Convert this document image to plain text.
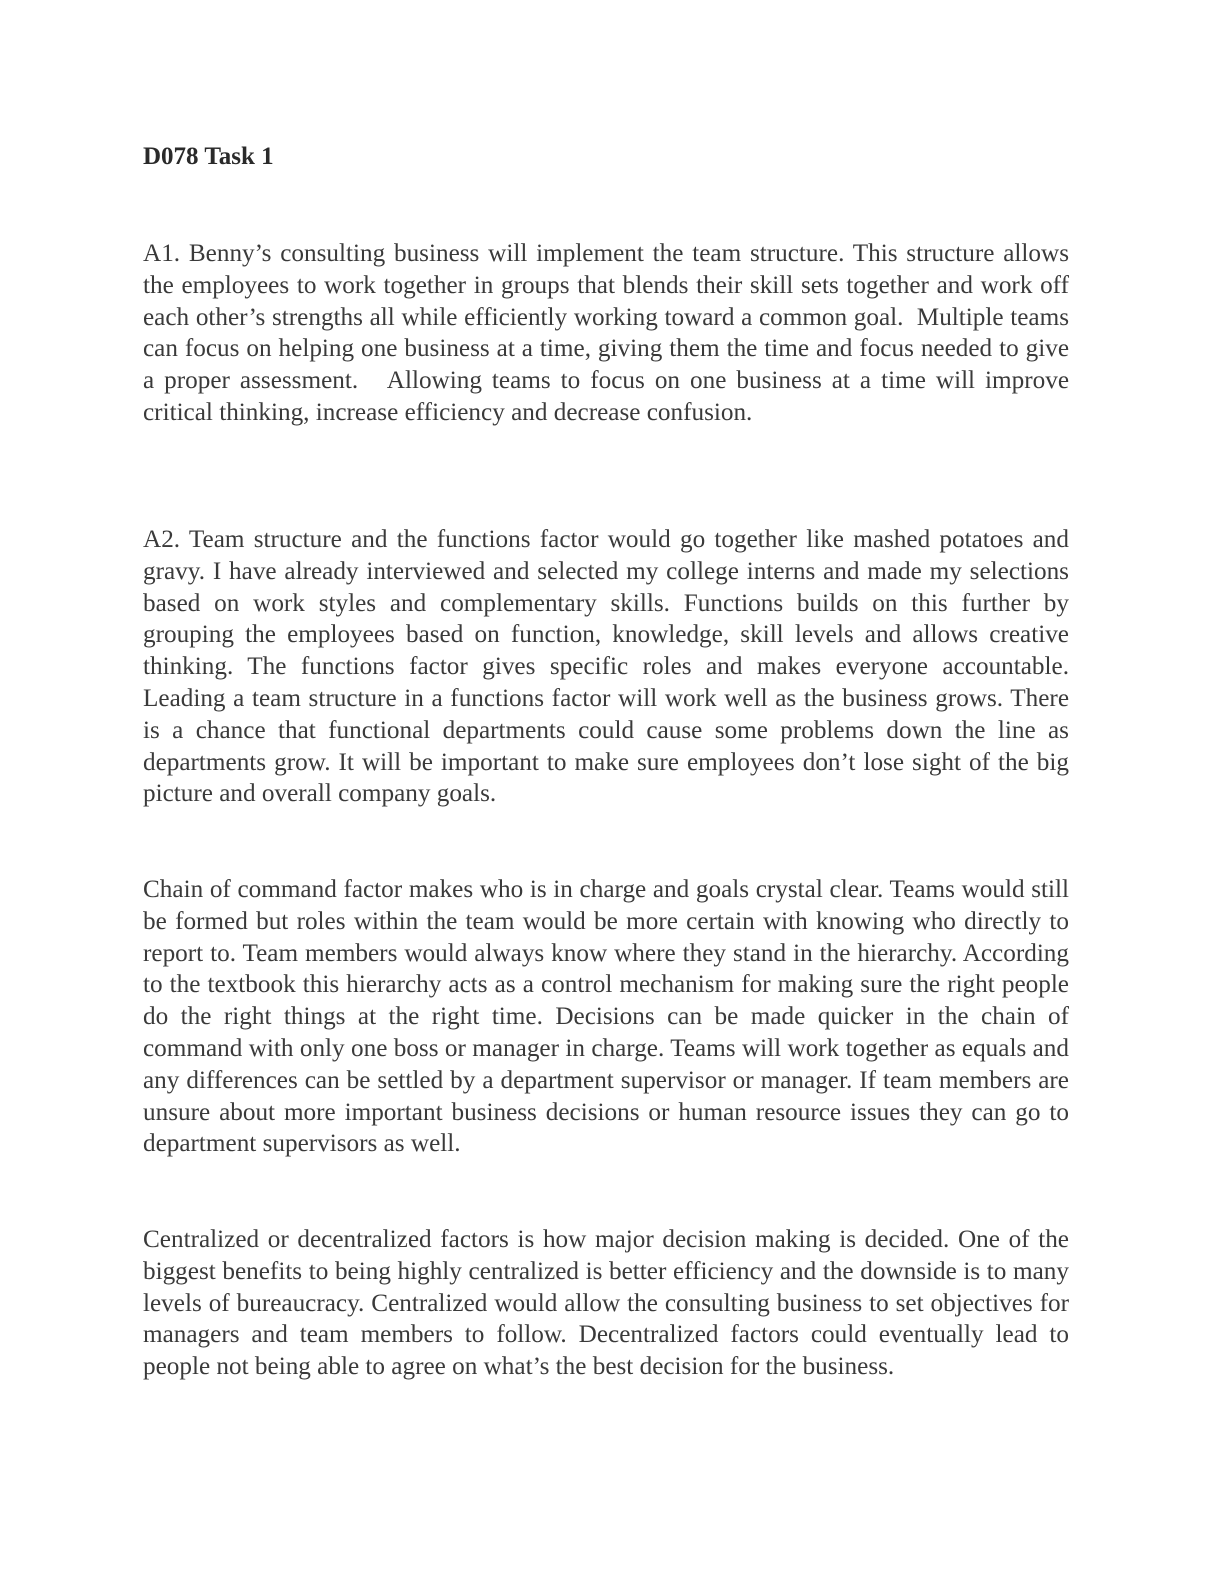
D078 Task 1

A1. Benny’s consulting business will implement the team structure. This structure allows the employees to work together in groups that blends their skill sets together and work off each other’s strengths all while efficiently working toward a common goal.  Multiple teams can focus on helping one business at a time, giving them the time and focus needed to give a proper assessment.   Allowing teams to focus on one business at a time will improve critical thinking, increase efficiency and decrease confusion.

A2. Team structure and the functions factor would go together like mashed potatoes and gravy. I have already interviewed and selected my college interns and made my selections based on work styles and complementary skills. Functions builds on this further by grouping the employees based on function, knowledge, skill levels and allows creative thinking. The functions factor gives specific roles and makes everyone accountable. Leading a team structure in a functions factor will work well as the business grows. There is a chance that functional departments could cause some problems down the line as departments grow. It will be important to make sure employees don’t lose sight of the big picture and overall company goals.

Chain of command factor makes who is in charge and goals crystal clear. Teams would still be formed but roles within the team would be more certain with knowing who directly to report to. Team members would always know where they stand in the hierarchy. According to the textbook this hierarchy acts as a control mechanism for making sure the right people do the right things at the right time. Decisions can be made quicker in the chain of command with only one boss or manager in charge. Teams will work together as equals and any differences can be settled by a department supervisor or manager. If team members are unsure about more important business decisions or human resource issues they can go to department supervisors as well.

Centralized or decentralized factors is how major decision making is decided. One of the biggest benefits to being highly centralized is better efficiency and the downside is to many levels of bureaucracy. Centralized would allow the consulting business to set objectives for managers and team members to follow. Decentralized factors could eventually lead to people not being able to agree on what’s the best decision for the business.
